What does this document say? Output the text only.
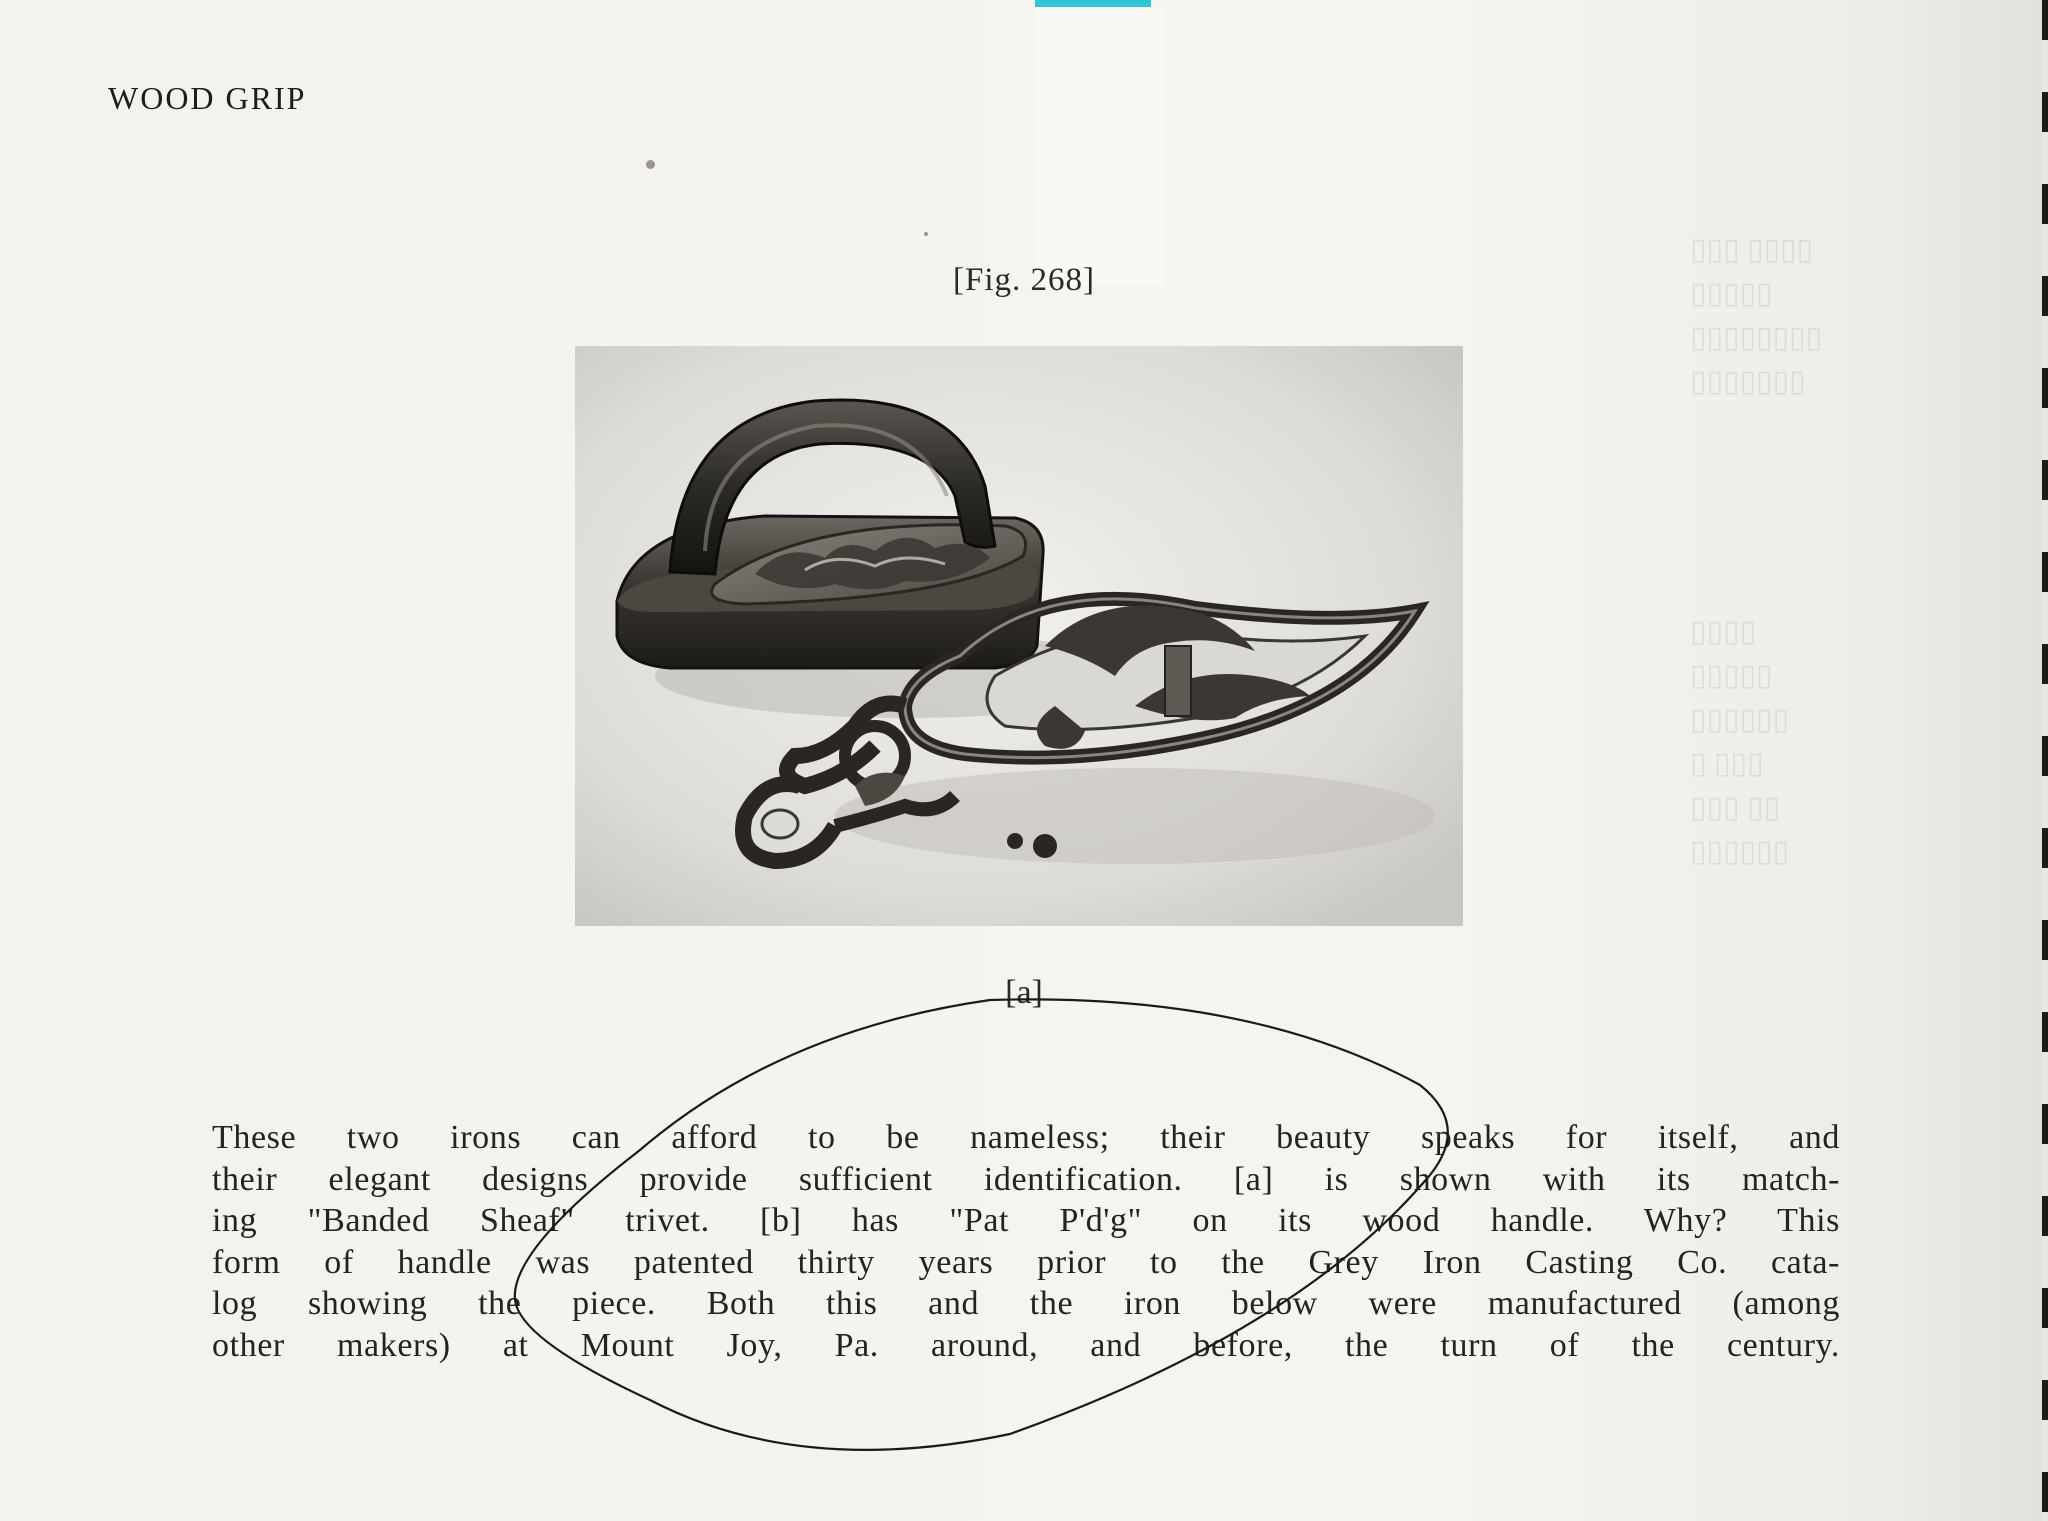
▯▯▯ ▯▯▯▯
▯▯▯▯▯
▯▯▯▯▯▯▯▯
▯▯▯▯▯▯▯
▯▯▯▯
▯▯▯▯▯
▯▯▯▯▯▯
▯ ▯▯▯
▯▯▯ ▯▯
▯▯▯▯▯▯
WOOD GRIP
[Fig. 268]
[a]
These two irons can afford to be nameless; their beauty speaks for itself, and
their elegant designs provide sufficient identification. [a] is shown with its match-
ing "Banded Sheaf" trivet. [b] has "Pat P'd'g" on its wood handle. Why? This
form of handle was patented thirty years prior to the Grey Iron Casting Co. cata-
log showing the piece. Both this and the iron below were manufactured (among
other makers) at Mount Joy, Pa. around, and before, the turn of the century.
